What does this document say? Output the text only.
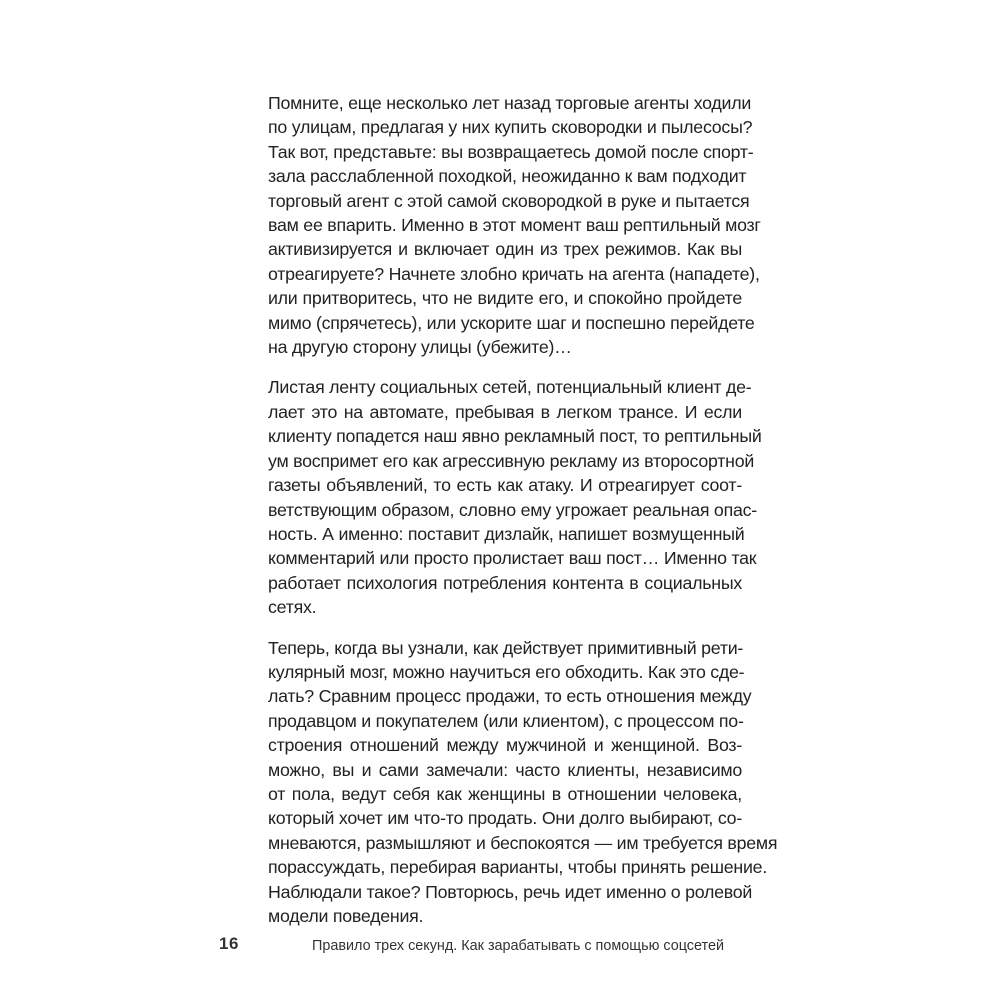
Помните, еще несколько лет назад торговые агенты ходили
по улицам, предлагая у них купить сковородки и пылесосы?
Так вот, представьте: вы возвращаетесь домой после спорт-
зала расслабленной походкой, неожиданно к вам подходит
торговый агент с этой самой сковородкой в руке и пытается
вам ее впарить. Именно в этот момент ваш рептильный мозг
активизируется и включает один из трех режимов. Как вы
отреагируете? Начнете злобно кричать на агента (нападете),
или притворитесь, что не видите его, и спокойно пройдете
мимо (спрячетесь), или ускорите шаг и поспешно перейдете
на другую сторону улицы (убежите)…

Листая ленту социальных сетей, потенциальный клиент де-
лает это на автомате, пребывая в легком трансе. И если
клиенту попадется наш явно рекламный пост, то рептильный
ум воспримет его как агрессивную рекламу из второсортной
газеты объявлений, то есть как атаку. И отреагирует соот-
ветствующим образом, словно ему угрожает реальная опас-
ность. А именно: поставит дизлайк, напишет возмущенный
комментарий или просто пролистает ваш пост… Именно так
работает психология потребления контента в социальных
сетях.

Теперь, когда вы узнали, как действует примитивный рети-
кулярный мозг, можно научиться его обходить. Как это сде-
лать? Сравним процесс продажи, то есть отношения между
продавцом и покупателем (или клиентом), с процессом по-
строения отношений между мужчиной и женщиной. Воз-
можно, вы и сами замечали: часто клиенты, независимо
от пола, ведут себя как женщины в отношении человека,
который хочет им что-то продать. Они долго выбирают, со-
мневаются, размышляют и беспокоятся — им требуется время
порассуждать, перебирая варианты, чтобы принять решение.
Наблюдали такое? Повторюсь, речь идет именно о ролевой
модели поведения.

16	Правило трех секунд. Как зарабатывать с помощью соцсетей
